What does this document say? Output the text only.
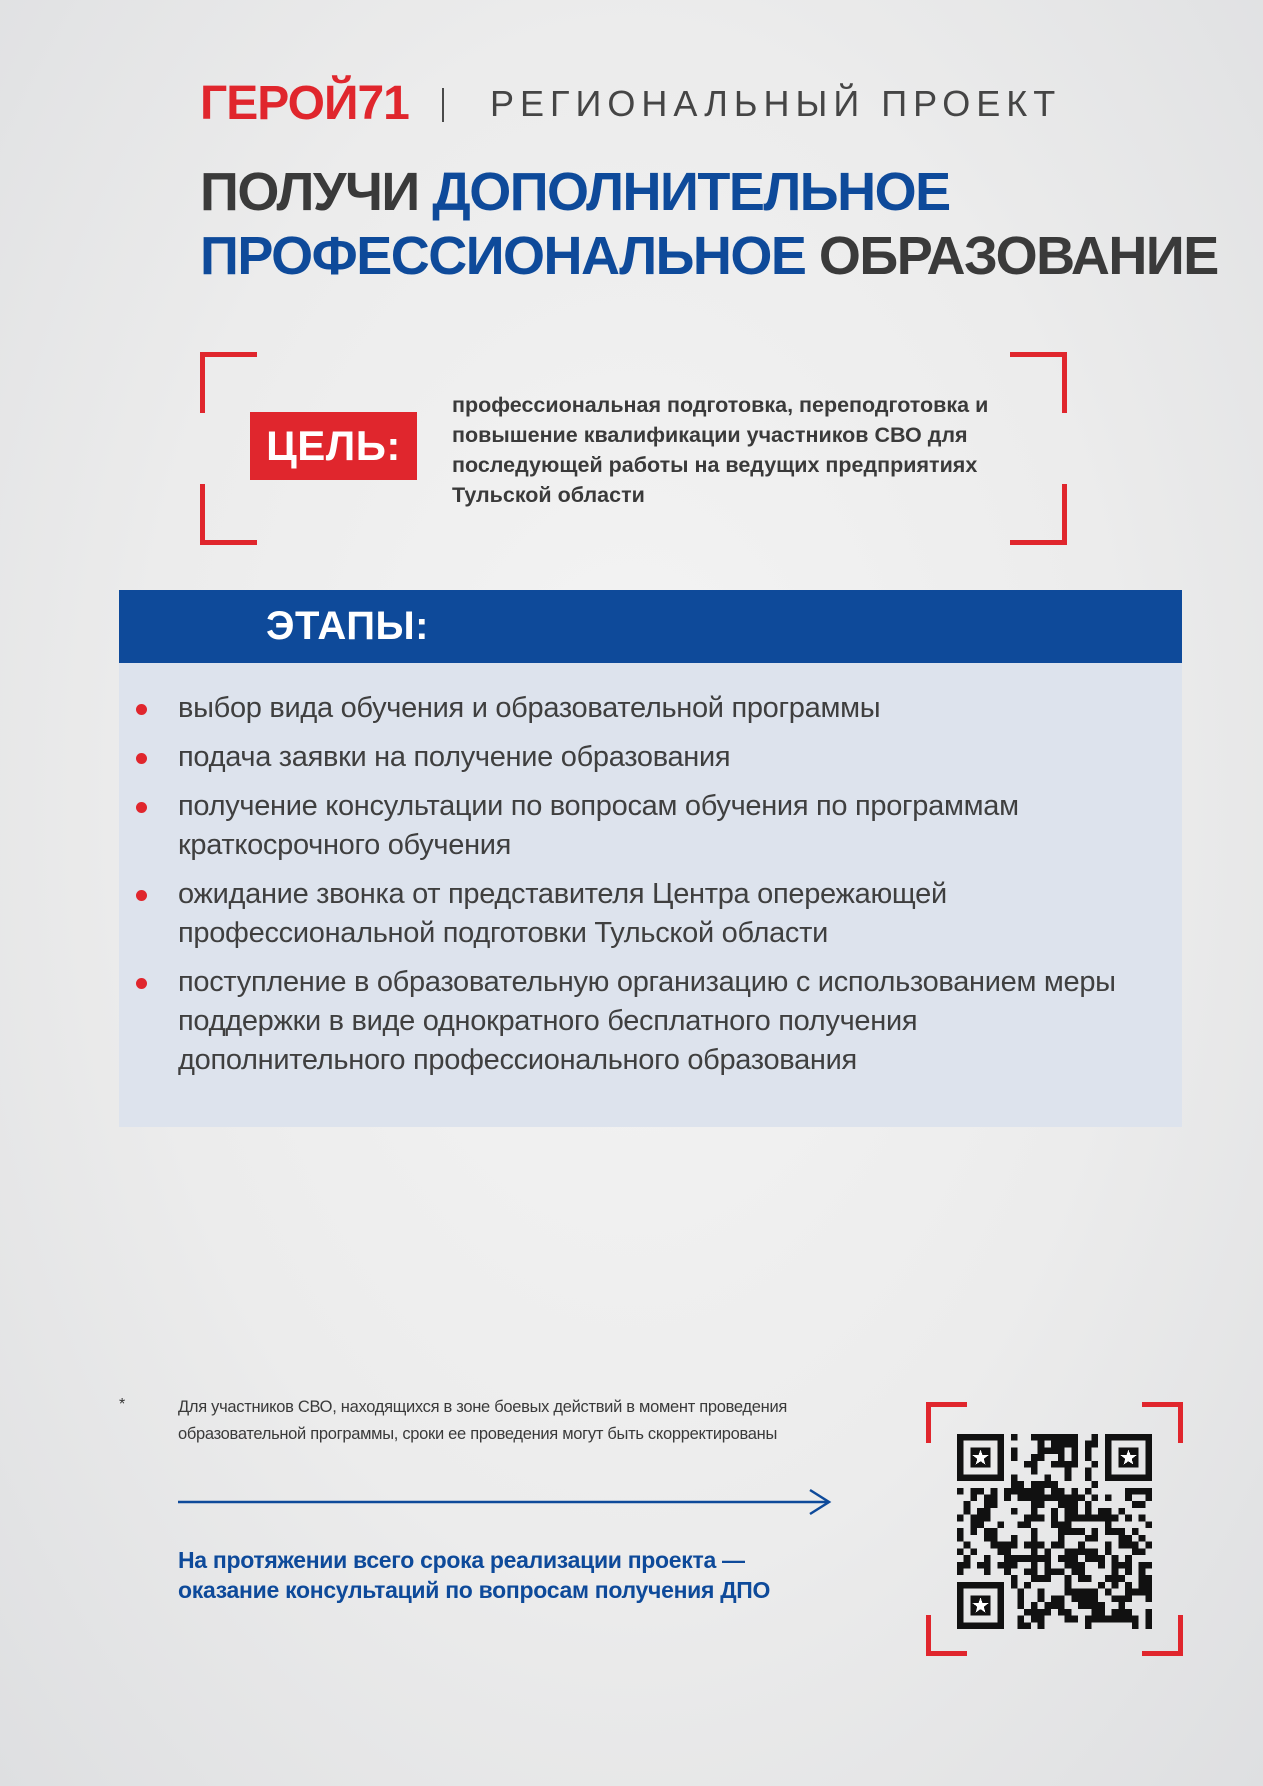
ГЕРОЙ71 РЕГИОНАЛЬНЫЙ ПРОЕКТ
ПОЛУЧИ ДОПОЛНИТЕЛЬНОЕ
ПРОФЕССИОНАЛЬНОЕ ОБРАЗОВАНИЕ
ЦЕЛЬ:
профессиональная подготовка, переподготовка и повышение квалификации участников СВО для последующей работы на ведущих предприятиях Тульской области
ЭТАПЫ:
выбор вида обучения и образовательной программы
подача заявки на получение образования
получение консультации по вопросам обучения по программам краткосрочного обучения
ожидание звонка от представителя Центра опережающей профессиональной подготовки Тульской области
поступление в образовательную организацию с использованием меры поддержки в виде однократного бесплатного получения дополнительного профессионального образования
*	Для участников СВО, находящихся в зоне боевых действий в момент проведения образовательной программы, сроки ее проведения могут быть скорректированы
На протяжении всего срока реализации проекта — оказание консультаций по вопросам получения ДПО
